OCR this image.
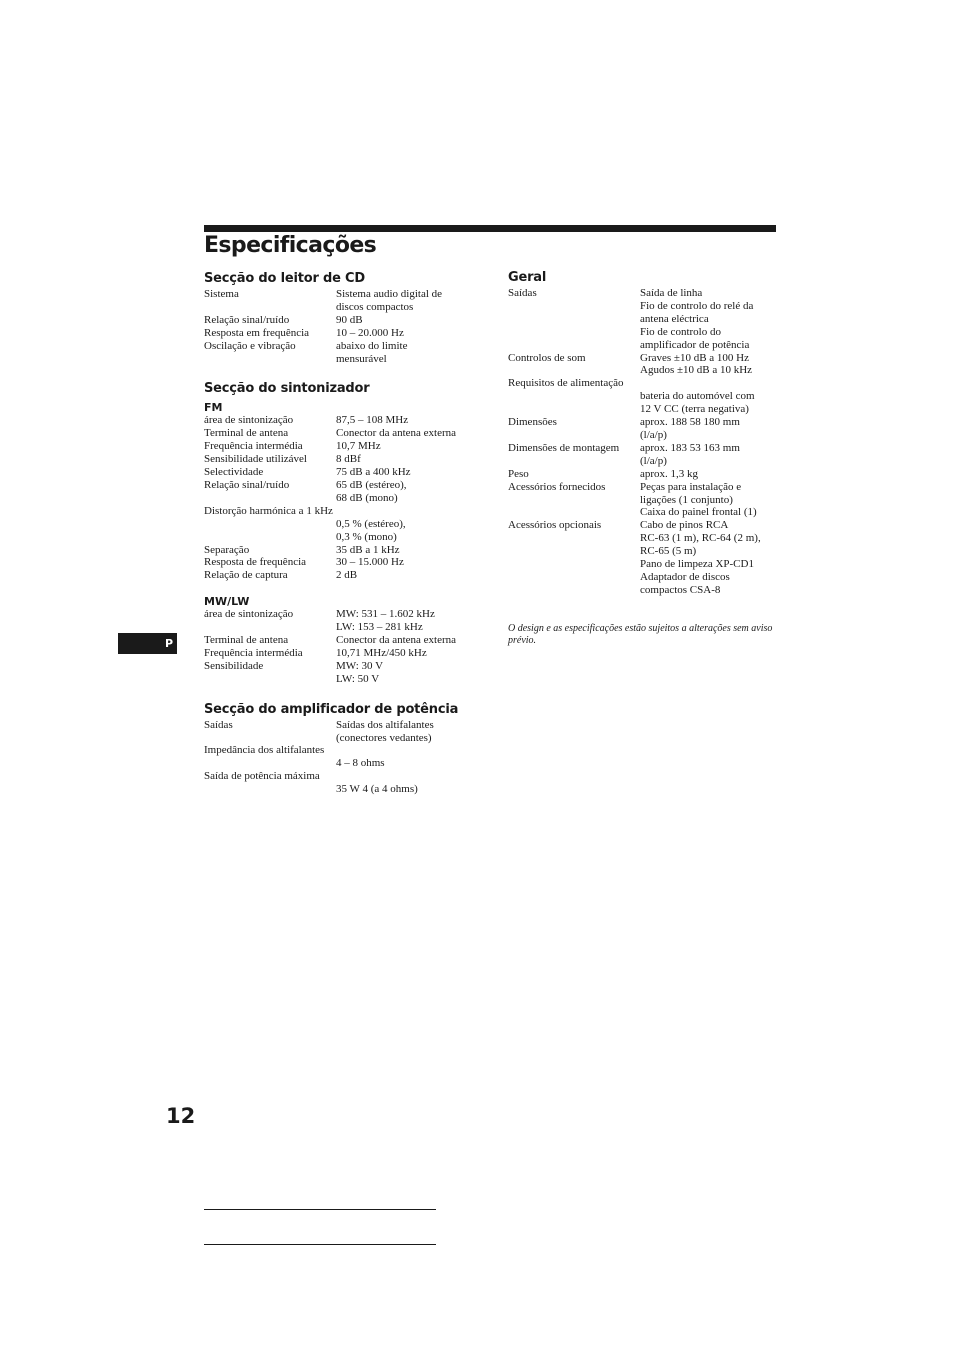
Especificações
Secção do leitor de CD
Sistema	Sistema audio digital de
discos compactos
Relação sinal/ruído	90 dB
Resposta em frequência	10 – 20.000 Hz
Oscilação e vibração	abaixo do limite
mensurável
Secção do sintonizador
FM
área de sintonização	87,5 – 108 MHz
Terminal de antena	Conector da antena externa
Frequência intermédia	10,7 MHz
Sensibilidade utilizável	8 dBf
Selectividade	75 dB a 400 kHz
Relação sinal/ruído	65 dB (estéreo),
68 dB (mono)
Distorção harmónica a 1 kHz
0,5 % (estéreo),
0,3 % (mono)
Separação	35 dB a 1 kHz
Resposta de frequência	30 – 15.000 Hz
Relação de captura	2 dB
MW/LW
área de sintonização	MW: 531 – 1.602 kHz
LW: 153 – 281 kHz
Terminal de antena	Conector da antena externa
Frequência intermédia	10,71 MHz/450 kHz
Sensibilidade	MW: 30 V
LW: 50 V
Secção do amplificador de potência
Saídas	Saídas dos altifalantes
(conectores vedantes)
Impedância dos altifalantes
4 – 8 ohms
Saída de potência máxima
35 W 4 (a 4 ohms)
Geral
Saídas	Saída de linha
Fio de controlo do relé da
antena eléctrica
Fio de controlo do
amplificador de potência
Controlos de som	Graves ±10 dB a 100 Hz
Agudos ±10 dB a 10 kHz
Requisitos de alimentação
bateria do automóvel com
12 V CC (terra negativa)
Dimensões	aprox. 188 58 180 mm
(l/a/p)
Dimensões de montagem	aprox. 183 53 163 mm
(l/a/p)
Peso	aprox. 1,3 kg
Acessórios fornecidos	Peças para instalação e
ligações (1 conjunto)
Caixa do painel frontal (1)
Acessórios opcionais	Cabo de pinos RCA
RC-63 (1 m), RC-64 (2 m),
RC-65 (5 m)
Pano de limpeza XP-CD1
Adaptador de discos
compactos CSA-8

O design e as especificações estão sujeitos a alterações sem aviso prévio.

P
12
